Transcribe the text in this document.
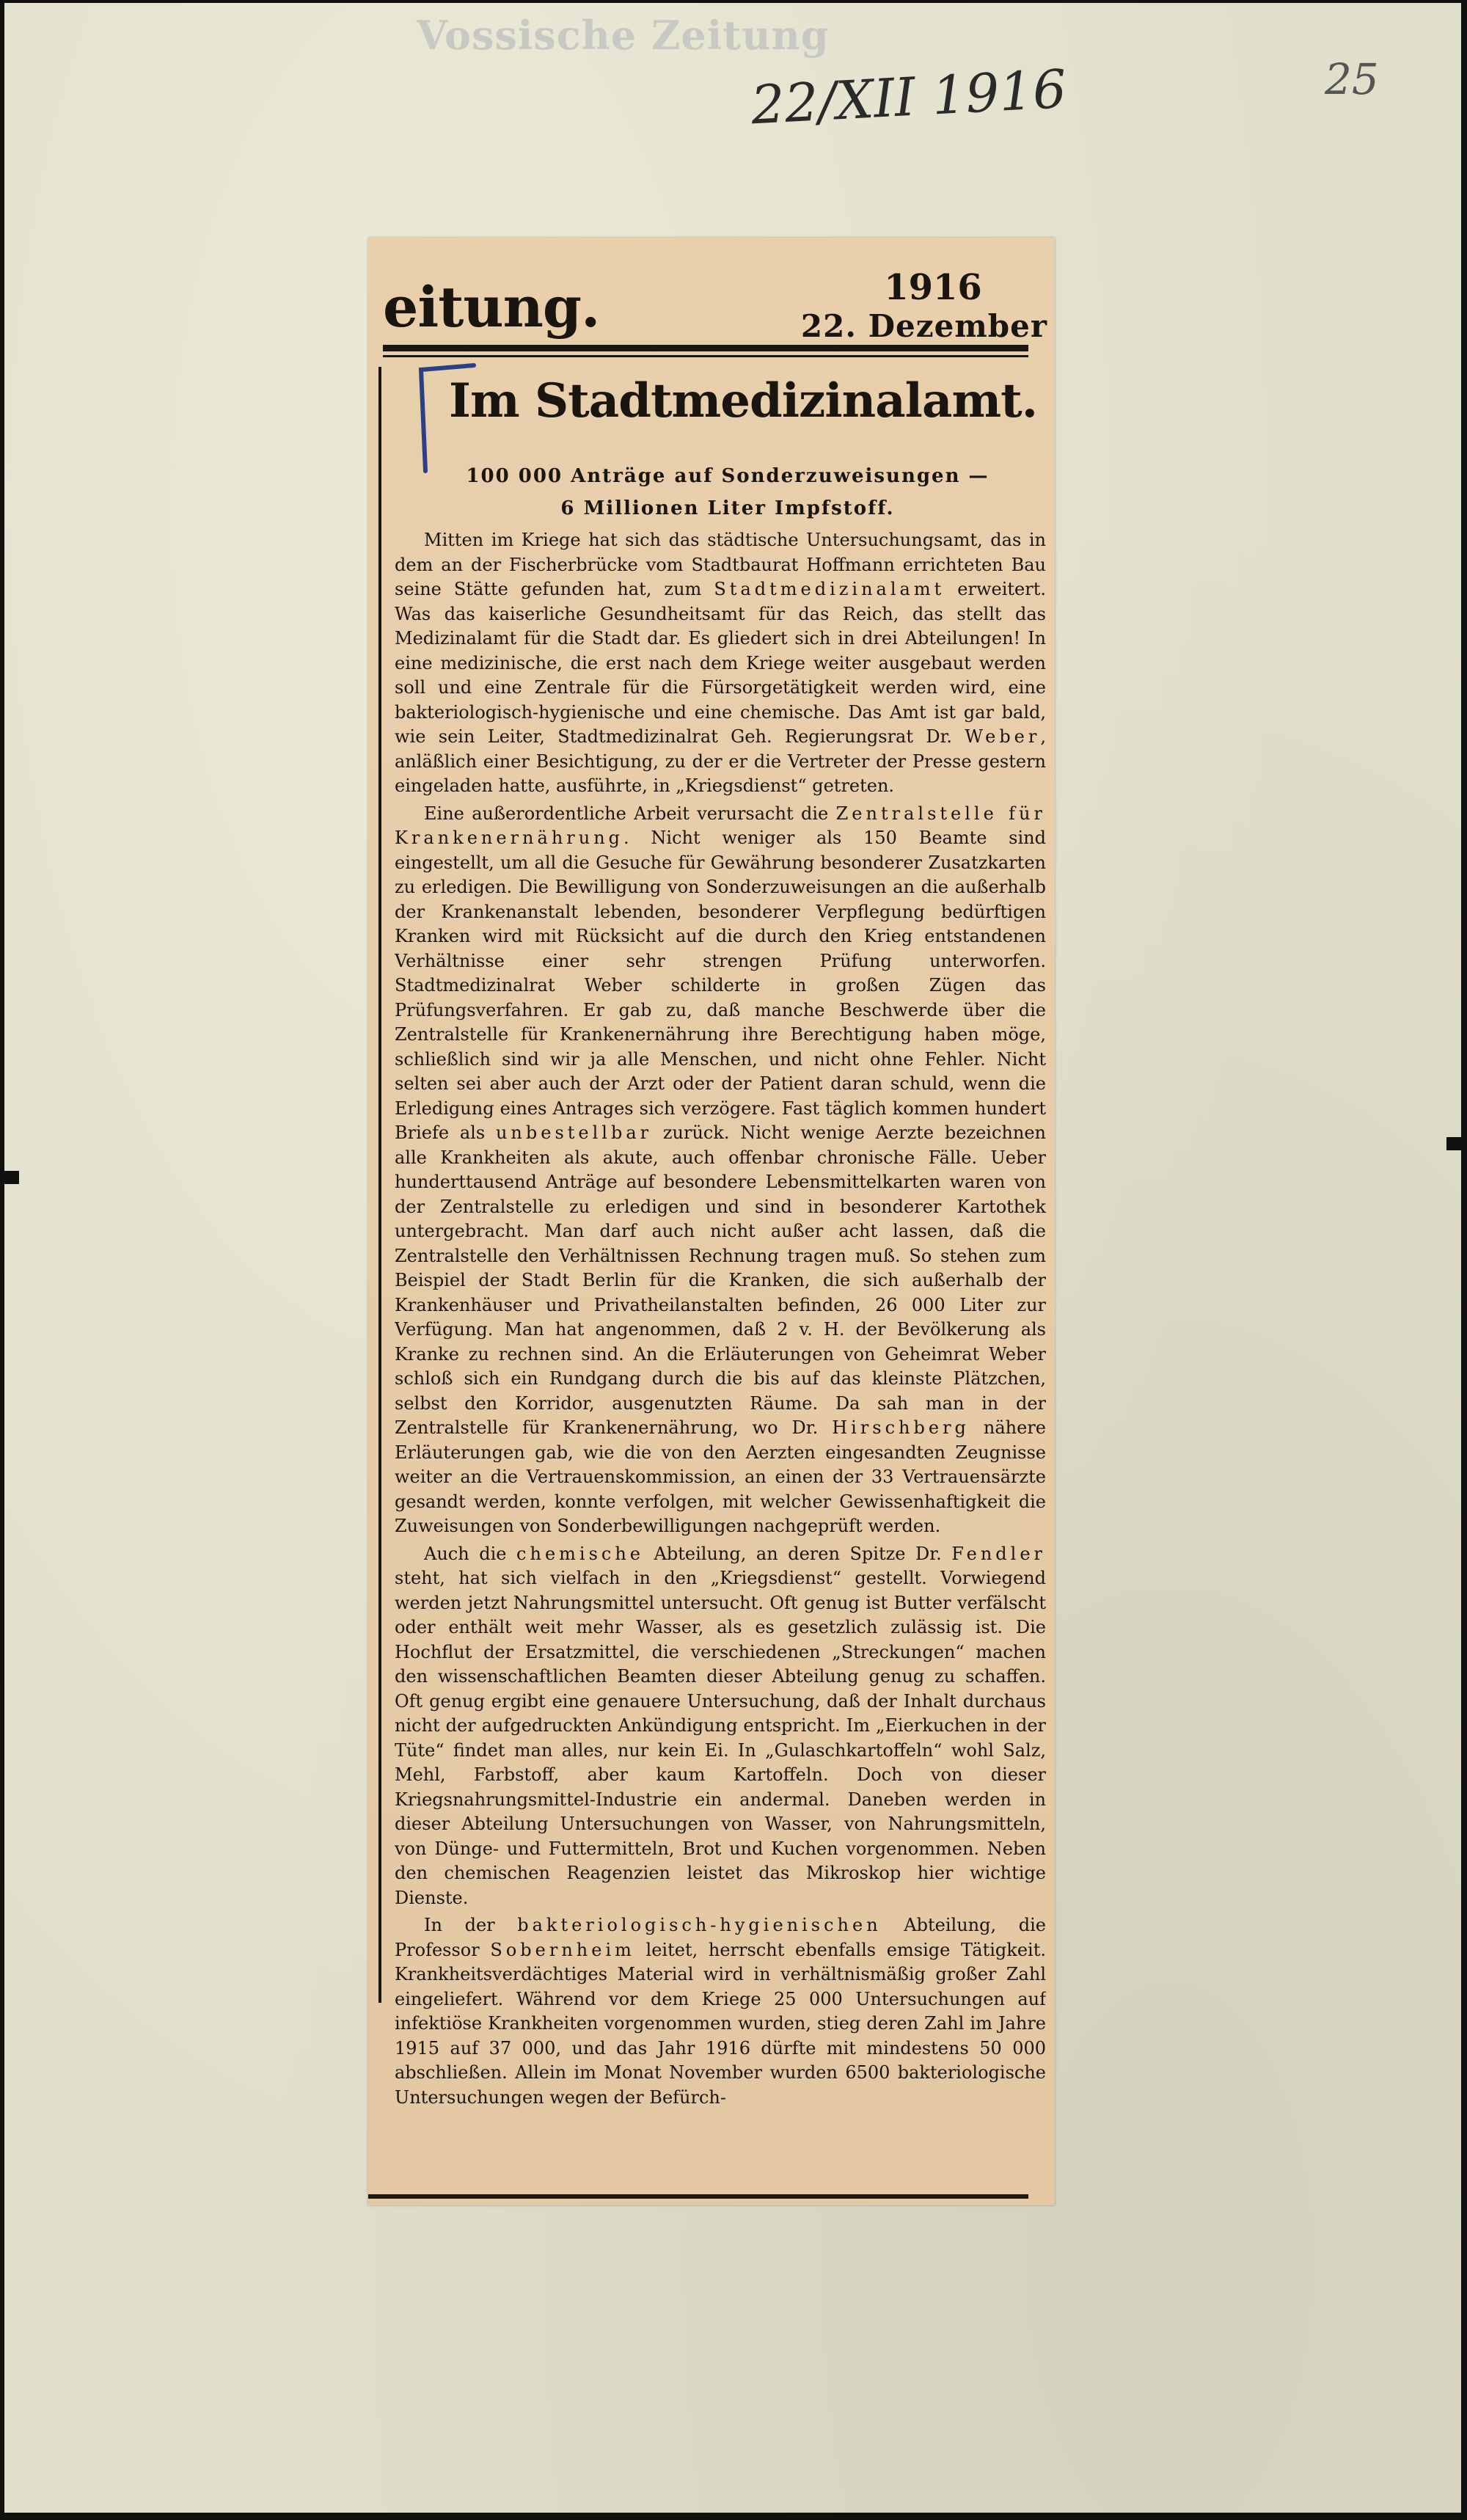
Vossische Zeitung
22/XII 1916	25
eitung.	1916
22. Dezember
Im Stadtmedizinalamt.
100 000 Anträge auf Sonderzuweisungen —
6 Millionen Liter Impfstoff.

Mitten im Kriege hat sich das städtische Untersuchungsamt, das in dem an der Fischerbrücke vom Stadtbaurat Hoffmann errichteten Bau seine Stätte gefunden hat, zum Stadtmedizinalamt erweitert. Was das kaiserliche Gesundheitsamt für das Reich, das stellt das Medizinalamt für die Stadt dar. Es gliedert sich in drei Abteilungen! In eine medizinische, die erst nach dem Kriege weiter ausgebaut werden soll und eine Zentrale für die Fürsorgetätigkeit werden wird, eine bakteriologisch-hygienische und eine chemische. Das Amt ist gar bald, wie sein Leiter, Stadtmedizinalrat Geh. Regierungsrat Dr. Weber, anläßlich einer Besichtigung, zu der er die Vertreter der Presse gestern eingeladen hatte, ausführte, in „Kriegsdienst“ getreten.

Eine außerordentliche Arbeit verursacht die Zentralstelle für Krankenernährung. Nicht weniger als 150 Beamte sind eingestellt, um all die Gesuche für Gewährung besonderer Zusatzkarten zu erledigen. Die Bewilligung von Sonderzuweisungen an die außerhalb der Krankenanstalt lebenden, besonderer Verpflegung bedürftigen Kranken wird mit Rücksicht auf die durch den Krieg entstandenen Verhältnisse einer sehr strengen Prüfung unterworfen. Stadtmedizinalrat Weber schilderte in großen Zügen das Prüfungsverfahren. Er gab zu, daß manche Beschwerde über die Zentralstelle für Krankenernährung ihre Berechtigung haben möge, schließlich sind wir ja alle Menschen, und nicht ohne Fehler. Nicht selten sei aber auch der Arzt oder der Patient daran schuld, wenn die Erledigung eines Antrages sich verzögere. Fast täglich kommen hundert Briefe als unbestellbar zurück. Nicht wenige Aerzte bezeichnen alle Krankheiten als akute, auch offenbar chronische Fälle. Ueber hunderttausend Anträge auf besondere Lebensmittelkarten waren von der Zentralstelle zu erledigen und sind in besonderer Kartothek untergebracht. Man darf auch nicht außer acht lassen, daß die Zentralstelle den Verhältnissen Rechnung tragen muß. So stehen zum Beispiel der Stadt Berlin für die Kranken, die sich außerhalb der Krankenhäuser und Privatheilanstalten befinden, 26 000 Liter zur Verfügung. Man hat angenommen, daß 2 v. H. der Bevölkerung als Kranke zu rechnen sind. An die Erläuterungen von Geheimrat Weber schloß sich ein Rundgang durch die bis auf das kleinste Plätzchen, selbst den Korridor, ausgenutzten Räume. Da sah man in der Zentralstelle für Krankenernährung, wo Dr. Hirschberg nähere Erläuterungen gab, wie die von den Aerzten eingesandten Zeugnisse weiter an die Vertrauenskommission, an einen der 33 Vertrauensärzte gesandt werden, konnte verfolgen, mit welcher Gewissenhaftigkeit die Zuweisungen von Sonderbewilligungen nachgeprüft werden.

Auch die chemische Abteilung, an deren Spitze Dr. Fendler steht, hat sich vielfach in den „Kriegsdienst“ gestellt. Vorwiegend werden jetzt Nahrungsmittel untersucht. Oft genug ist Butter verfälscht oder enthält weit mehr Wasser, als es gesetzlich zulässig ist. Die Hochflut der Ersatzmittel, die verschiedenen „Streckungen“ machen den wissenschaftlichen Beamten dieser Abteilung genug zu schaffen. Oft genug ergibt eine genauere Untersuchung, daß der Inhalt durchaus nicht der aufgedruckten Ankündigung entspricht. Im „Eierkuchen in der Tüte“ findet man alles, nur kein Ei. In „Gulaschkartoffeln“ wohl Salz, Mehl, Farbstoff, aber kaum Kartoffeln. Doch von dieser Kriegsnahrungsmittel-Industrie ein andermal. Daneben werden in dieser Abteilung Untersuchungen von Wasser, von Nahrungsmitteln, von Dünge- und Futtermitteln, Brot und Kuchen vorgenommen. Neben den chemischen Reagenzien leistet das Mikroskop hier wichtige Dienste.

In der bakteriologisch-hygienischen Abteilung, die Professor Sobernheim leitet, herrscht ebenfalls emsige Tätigkeit. Krankheitsverdächtiges Material wird in verhältnismäßig großer Zahl eingeliefert. Während vor dem Kriege 25 000 Untersuchungen auf infektiöse Krankheiten vorgenommen wurden, stieg deren Zahl im Jahre 1915 auf 37 000, und das Jahr 1916 dürfte mit mindestens 50 000 abschließen. Allein im Monat November wurden 6500 bakteriologische Untersuchungen wegen der Befürch-
